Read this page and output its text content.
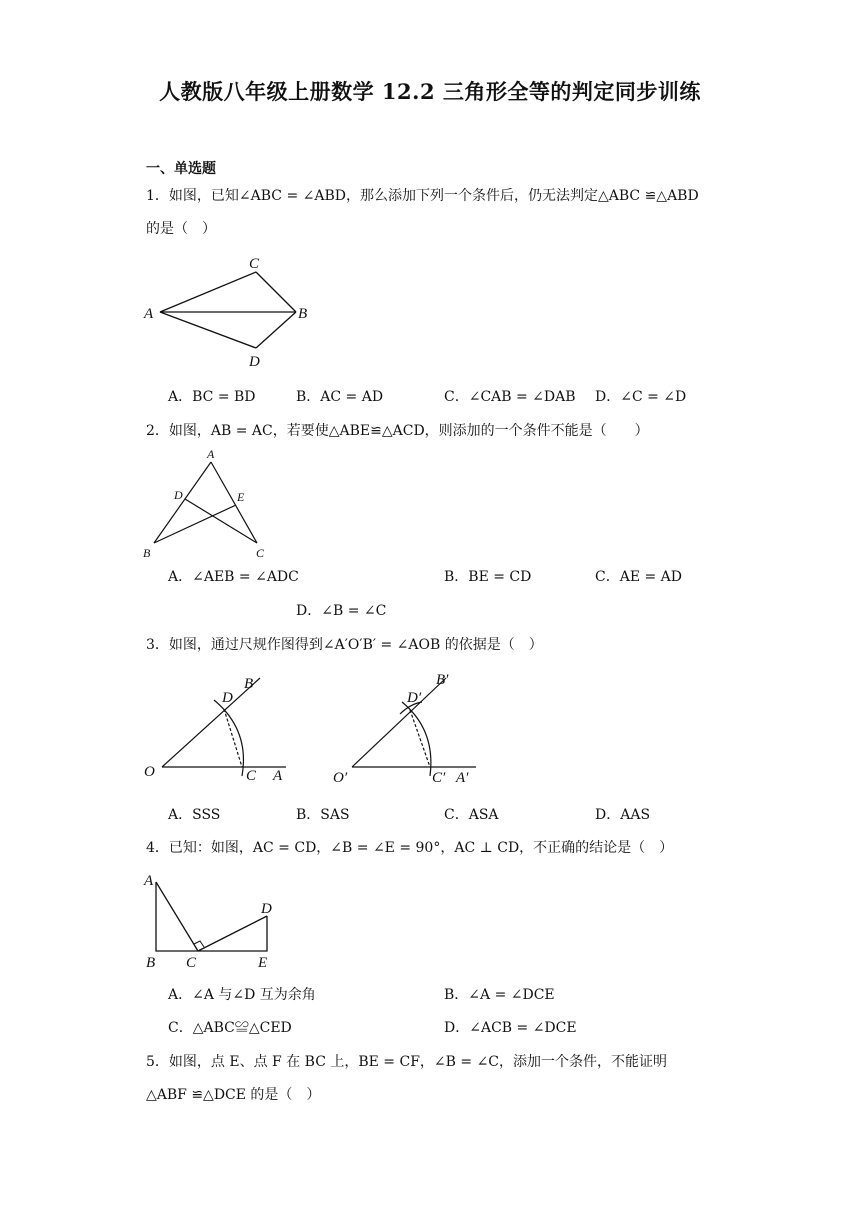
人教版八年级上册数学 12.2 三角形全等的判定同步训练
一、单选题
1．如图，已知∠ABC = ∠ABD，那么添加下列一个条件后，仍无法判定△ABC ≌△ABD
的是（　）
A	B
C
D
A．BC = BD	B．AC = AD	C．∠CAB = ∠DAB D．∠C = ∠D
2．如图，AB = AC，若要使△ABE≌△ACD，则添加的一个条件不能是（　　）
A
D	E
B	C
A．∠AEB = ∠ADC	B．BE = CD	C．AE = AD
D．∠B = ∠C
3．如图，通过尺规作图得到∠A′O′B′ = ∠AOB 的依据是（　）
B
D
O	C A
B′
D′
O′	C′ A′
A．SSS	B．SAS	C．ASA	D．AAS
4．已知：如图，AC = CD，∠B = ∠E = 90°，AC ⊥ CD，不正确的结论是（　）
A
D
B C	E
A．∠A 与∠D 互为余角	B．∠A = ∠DCE
C．△ABC≌△CED	D．∠ACB = ∠DCE
5．如图，点 E、点 F 在 BC 上，BE = CF，∠B = ∠C，添加一个条件，不能证明
△ABF ≌△DCE 的是（　）
